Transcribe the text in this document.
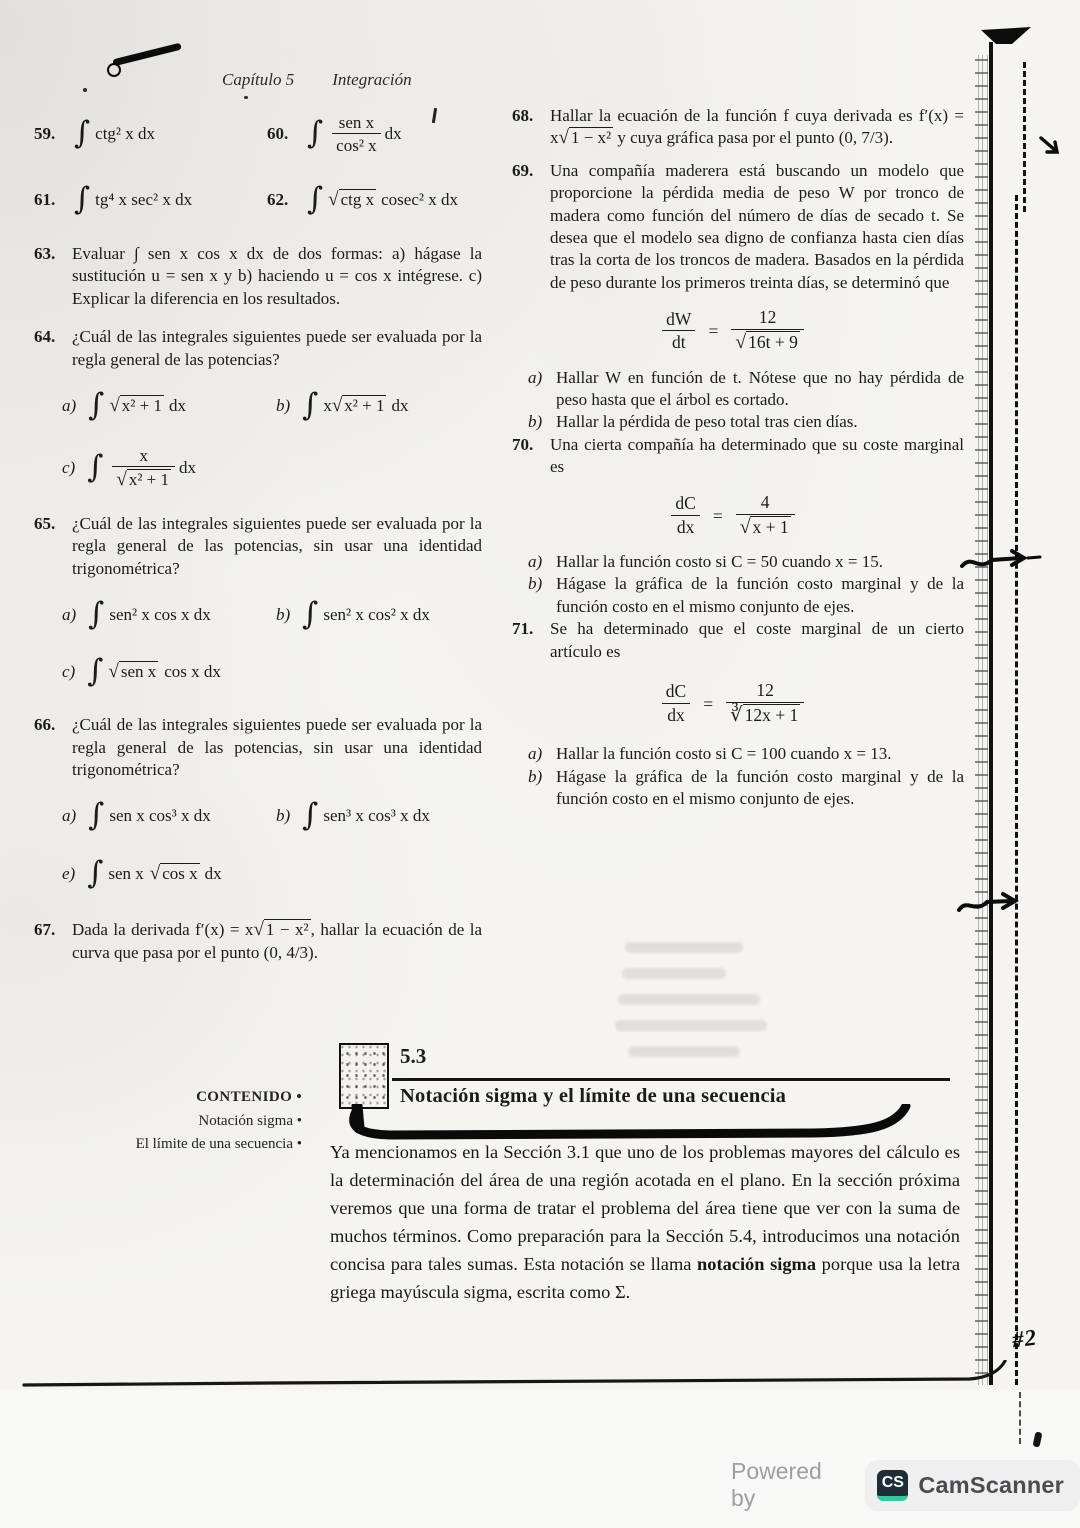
Capítulo 5 Integración
59. ∫ ctg² x dx	60. ∫ $\frac{\text{sen x}}{\text{cos² x}}$ dx
61. ∫ tg⁴ x sec² x dx	62. ∫ √ ctg x cosec² x dx
63. Evaluar ∫ sen x cos x dx de dos formas: a) hágase la sustitución u = sen x y b) haciendo u = cos x intégrese. c) Explicar la diferencia en los resultados.
64. ¿Cuál de las integrales siguientes puede ser evaluada por la regla general de las potencias?
a) ∫ √ x² + 1 dx	b) ∫ x √ x² + 1 dx
c) ∫ $\frac{x}{\text{√ x² + 1}}$ dx
65. ¿Cuál de las integrales siguientes puede ser evaluada por la regla general de las potencias, sin usar una identidad trigonométrica?
a) ∫ sen² x cos x dx	b) ∫ sen² x cos² x dx
c) ∫ √ sen x cos x dx
66. ¿Cuál de las integrales siguientes puede ser evaluada por la regla general de las potencias, sin usar una identidad trigonométrica?
a) ∫ sen x cos³ x dx	b) ∫ sen³ x cos³ x dx
e) ∫ sen x √ cos x dx
67. Dada la derivada f′(x) = x√ 1 − x² , hallar la ecuación de la curva que pasa por el punto (0, 4/3).
68. Hallar la ecuación de la función f cuya derivada es f′(x) = x√ 1 − x² y cuya gráfica pasa por el punto (0, 7/3).
69. Una compañía maderera está buscando un modelo que proporcione la pérdida media de peso W por tronco de madera como función del número de días de secado t. Se desea que el modelo sea digno de confianza hasta cien días tras la corta de los troncos de madera. Basados en la pérdida de peso durante los primeros treinta días, se determinó que
$\frac{dW}{dt} = \frac{12}{√ 16t + 9}$
a) Hallar W en función de t. Nótese que no hay pérdida de peso hasta que el árbol es cortado.
b) Hallar la pérdida de peso total tras cien días.
70. Una cierta compañía ha determinado que su coste marginal es
$\frac{dC}{dx} = \frac{4}{√ x + 1}$
a) Hallar la función costo si C = 50 cuando x = 15.
b) Hágase la gráfica de la función costo marginal y de la función costo en el mismo conjunto de ejes.
71. Se ha determinado que el coste marginal de un cierto artículo es
$\frac{dC}{dx} = \frac{12}{∛ 12x + 1}$
a) Hallar la función costo si C = 100 cuando x = 13.
b) Hágase la gráfica de la función costo marginal y de la función costo en el mismo conjunto de ejes.
CONTENIDO •
Notación sigma •
El límite de una secuencia •
5.3
Notación sigma y el límite de una secuencia
Ya mencionamos en la Sección 3.1 que uno de los problemas mayores del cálculo es la determinación del área de una región acotada en el plano. En la sección próxima veremos que una forma de tratar el problema del área tiene que ver con la suma de muchos términos. Como preparación para la Sección 5.4, introducimos una notación concisa para tales sumas. Esta notación se llama notación sigma porque usa la letra griega mayúscula sigma, escrita como Σ.
#2
Powered by
CS CamScanner
